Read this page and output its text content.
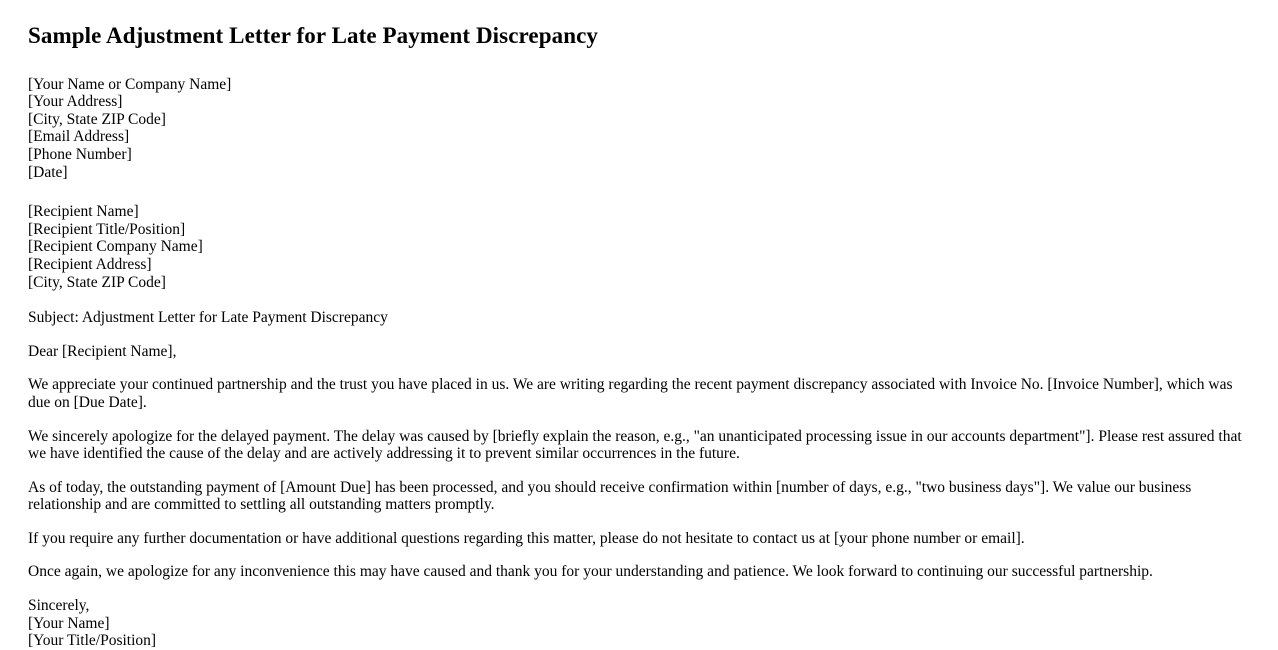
Sample Adjustment Letter for Late Payment Discrepancy
[Your Name or Company Name]
[Your Address]
[City, State ZIP Code]
[Email Address]
[Phone Number]
[Date]
[Recipient Name]
[Recipient Title/Position]
[Recipient Company Name]
[Recipient Address]
[City, State ZIP Code]

Subject: Adjustment Letter for Late Payment Discrepancy

Dear [Recipient Name],

We appreciate your continued partnership and the trust you have placed in us. We are writing regarding the recent payment discrepancy associated with Invoice No. [Invoice Number], which was due on [Due Date].

We sincerely apologize for the delayed payment. The delay was caused by [briefly explain the reason, e.g., "an unanticipated processing issue in our accounts department"]. Please rest assured that we have identified the cause of the delay and are actively addressing it to prevent similar occurrences in the future.

As of today, the outstanding payment of [Amount Due] has been processed, and you should receive confirmation within [number of days, e.g., "two business days"]. We value our business relationship and are committed to settling all outstanding matters promptly.

If you require any further documentation or have additional questions regarding this matter, please do not hesitate to contact us at [your phone number or email].

Once again, we apologize for any inconvenience this may have caused and thank you for your understanding and patience. We look forward to continuing our successful partnership.

Sincerely,
[Your Name]
[Your Title/Position]
